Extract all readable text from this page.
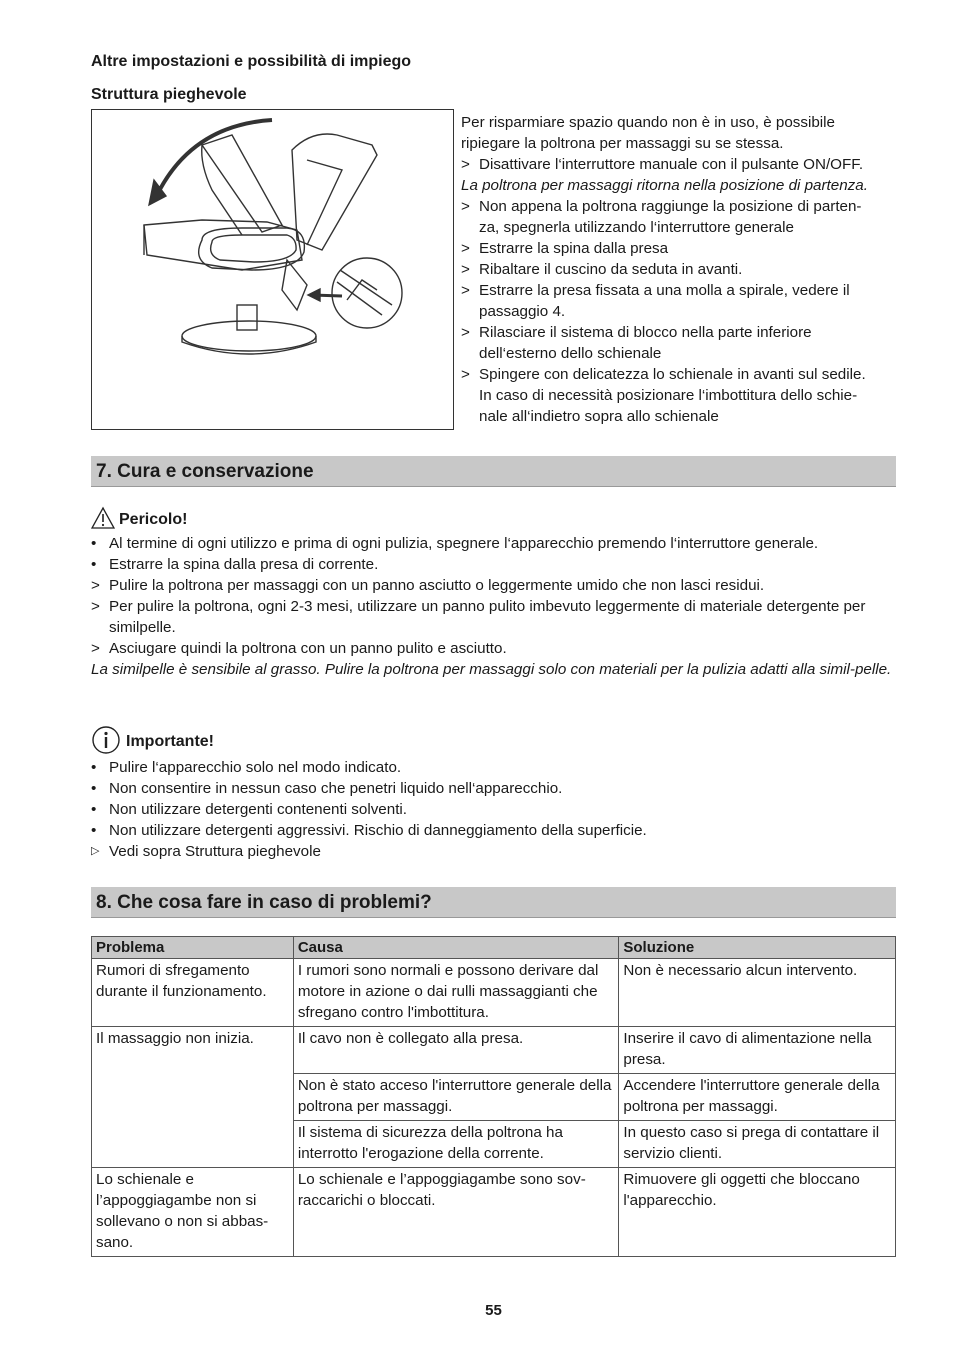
Altre impostazioni e possibilità di impiego
Struttura pieghevole

Per risparmiare spazio quando non è in uso, è possibile

ripiegare la poltrona per massaggi su se stessa.

> Disattivare l‘interruttore manuale con il pulsante ON/OFF.

La poltrona per massaggi ritorna nella posizione di partenza.

> Non appena la poltrona raggiunge la posizione di parten-

za, spegnerla utilizzando l‘interruttore generale

> Estrarre la spina dalla presa

> Ribaltare il cuscino da seduta in avanti.

> Estrarre la presa fissata a una molla a spirale, vedere il

passaggio 4.

> Rilasciare il sistema di blocco nella parte inferiore

dell‘esterno dello schienale

> Spingere con delicatezza lo schienale in avanti sul sedile.

In caso di necessità posizionare l‘imbottitura dello schie-

nale all‘indietro sopra allo schienale

7. Cura e conservazione
Pericolo!
• Al termine di ogni utilizzo e prima di ogni pulizia, spegnere l‘apparecchio premendo l‘interruttore generale.
• Estrarre la spina dalla presa di corrente.
> Pulire la poltrona per massaggi con un panno asciutto o leggermente umido che non lasci residui.
> Per pulire la poltrona, ogni 2-3 mesi, utilizzare un panno pulito imbevuto leggermente di materiale detergente per similpelle.
> Asciugare quindi la poltrona con un panno pulito e asciutto.
La similpelle è sensibile al grasso. Pulire la poltrona per massaggi solo con materiali per la pulizia adatti alla simil-pelle.
Importante!
• Pulire l‘apparecchio solo nel modo indicato.
• Non consentire in nessun caso che penetri liquido nell‘apparecchio.
• Non utilizzare detergenti contenenti solventi.
• Non utilizzare detergenti aggressivi. Rischio di danneggiamento della superficie.
▷ Vedi sopra Struttura pieghevole
8. Che cosa fare in caso di problemi?
Problema	Causa	Soluzione
Rumori di sfregamento durante il funzionamento.	I rumori sono normali e possono derivare dal motore in azione o dai rulli massaggianti che sfregano contro l'imbottitura.	Non è necessario alcun intervento.
Il massaggio non inizia.	Il cavo non è collegato alla presa.	Inserire il cavo di alimentazione nella presa.
	Non è stato acceso l'interruttore generale della poltrona per massaggi.	Accendere l'interruttore generale della poltrona per massaggi.
	Il sistema di sicurezza della poltrona ha interrotto l'erogazione della corrente.	In questo caso si prega di contattare il servizio clienti.
Lo schienale e l’appoggiagambe non si sollevano o non si abbas-sano.	Lo schienale e l’appoggiagambe sono sov-raccarichi o bloccati.	Rimuovere gli oggetti che bloccano l'apparecchio.
55
